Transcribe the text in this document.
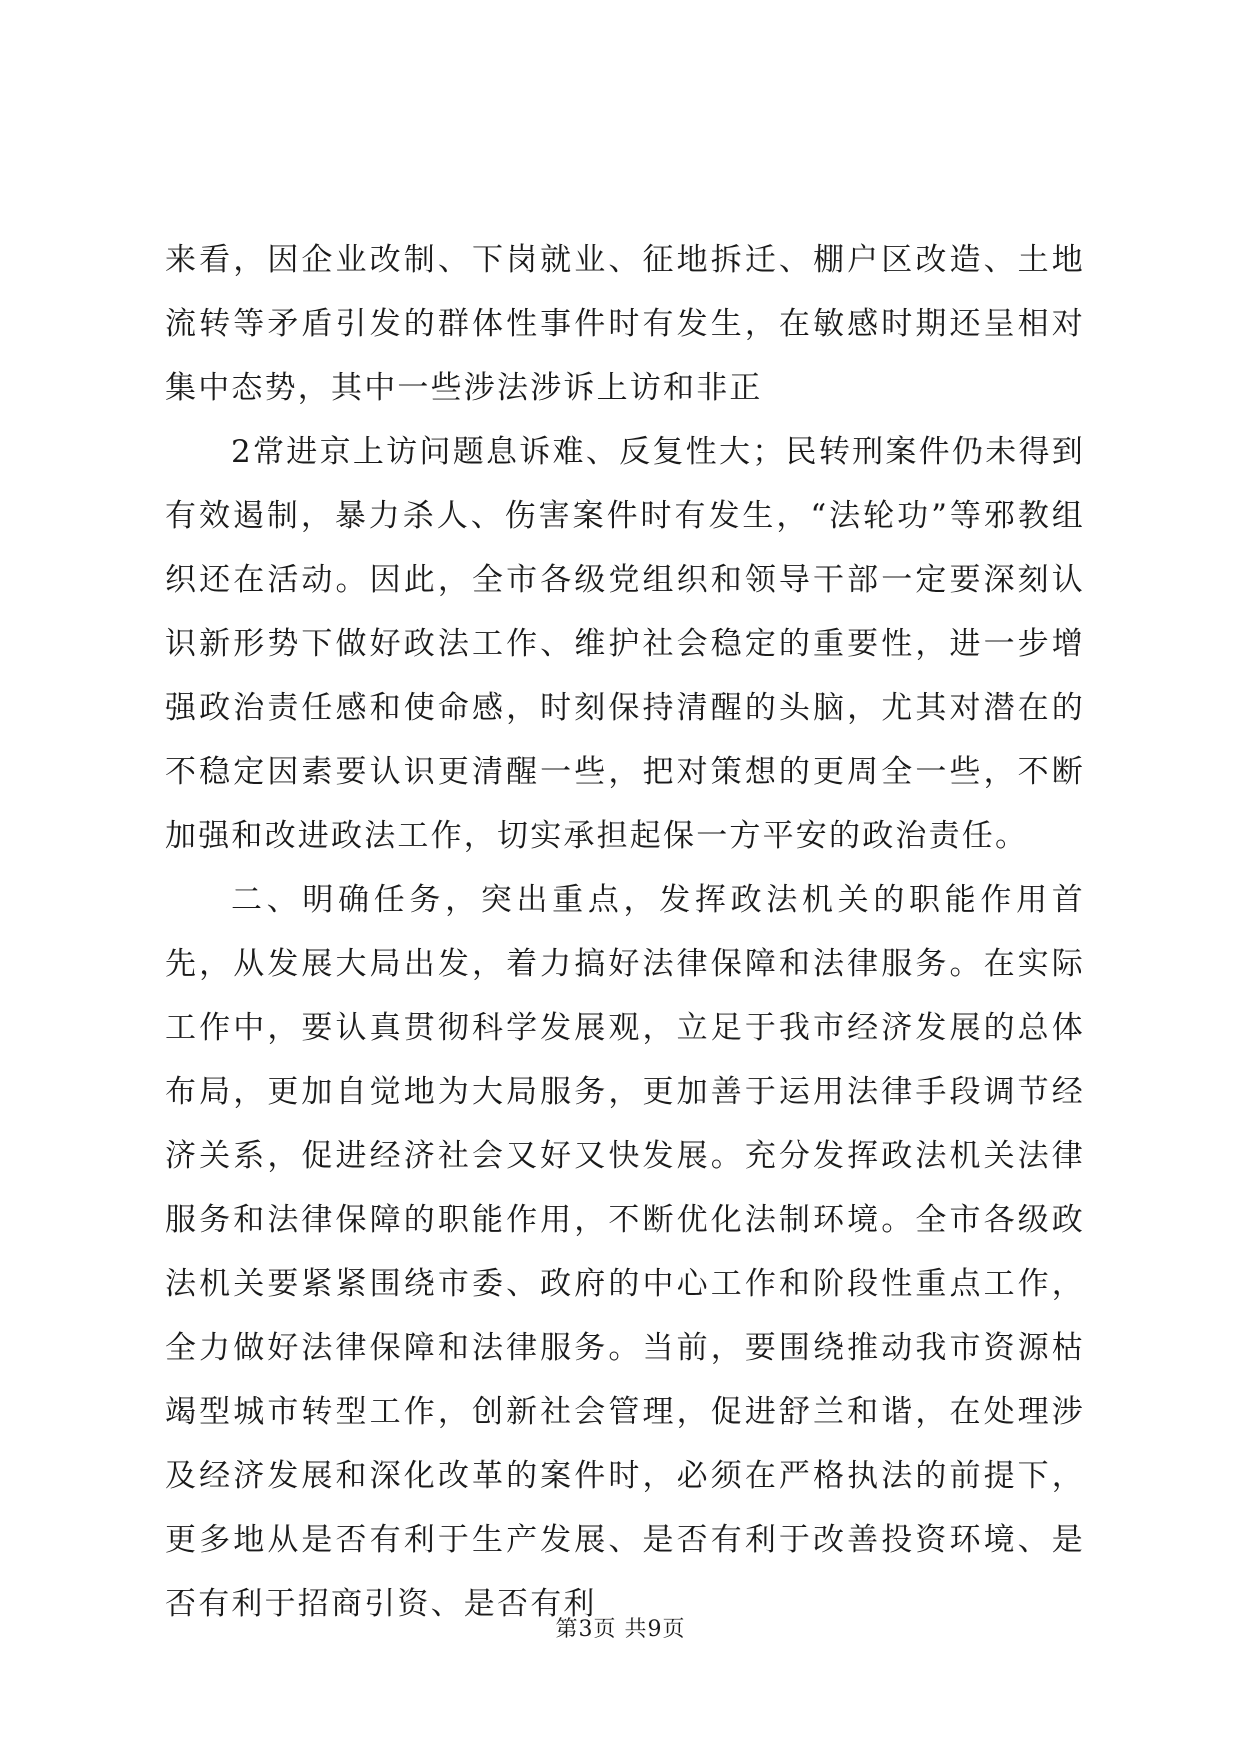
来看，因企业改制、下岗就业、征地拆迁、棚户区改造、土地流转等矛盾引发的群体性事件时有发生，在敏感时期还呈相对集中态势，其中一些涉法涉诉上访和非正

2常进京上访问题息诉难、反复性大；民转刑案件仍未得到有效遏制，暴力杀人、伤害案件时有发生，“法轮功”等邪教组织还在活动。因此，全市各级党组织和领导干部一定要深刻认识新形势下做好政法工作、维护社会稳定的重要性，进一步增强政治责任感和使命感，时刻保持清醒的头脑，尤其对潜在的不稳定因素要认识更清醒一些，把对策想的更周全一些，不断加强和改进政法工作，切实承担起保一方平安的政治责任。

二、明确任务，突出重点，发挥政法机关的职能作用首先，从发展大局出发，着力搞好法律保障和法律服务。在实际工作中，要认真贯彻科学发展观，立足于我市经济发展的总体布局，更加自觉地为大局服务，更加善于运用法律手段调节经济关系，促进经济社会又好又快发展。充分发挥政法机关法律服务和法律保障的职能作用，不断优化法制环境。全市各级政法机关要紧紧围绕市委、政府的中心工作和阶段性重点工作，全力做好法律保障和法律服务。当前，要围绕推动我市资源枯竭型城市转型工作，创新社会管理，促进舒兰和谐，在处理涉及经济发展和深化改革的案件时，必须在严格执法的前提下，更多地从是否有利于生产发展、是否有利于改善投资环境、是否有利于招商引资、是否有利

第3页 共9页
